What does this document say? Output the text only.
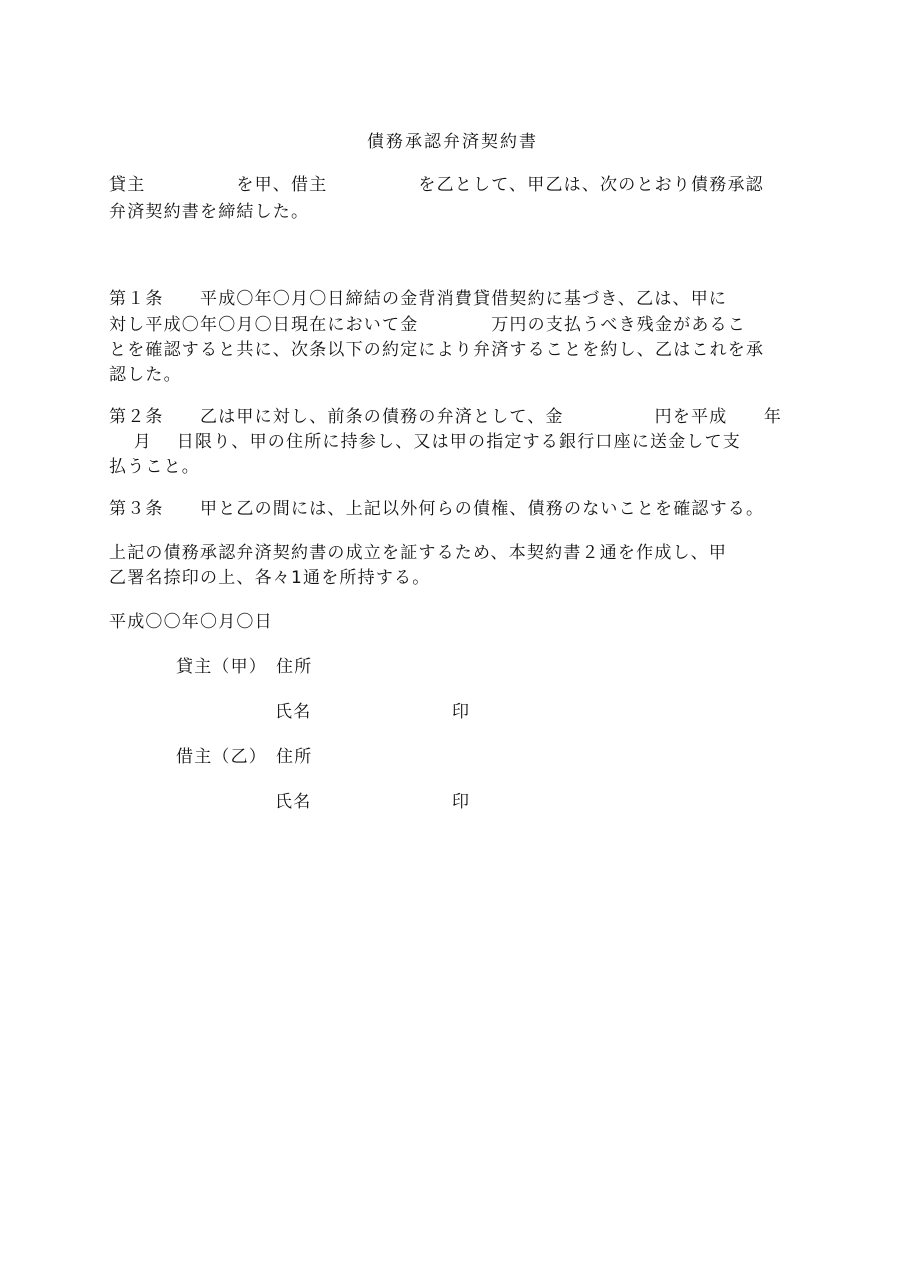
債務承認弁済契約書
貸主　　　　　を甲、借主　　　　　を乙として、甲乙は、次のとおり債務承認
弁済契約書を締結した。
第１条　　平成〇年〇月〇日締結の金背消費貸借契約に基づき、乙は、甲に
対し平成〇年〇月〇日現在において金　　　　万円の支払うべき残金があるこ
とを確認すると共に、次条以下の約定により弁済することを約し、乙はこれを承
認した。
第２条　　乙は甲に対し、前条の債務の弁済として、金　　　　　円を平成　　年
　 月　 日限り、甲の住所に持参し、又は甲の指定する銀行口座に送金して支
払うこと。
第３条　　甲と乙の間には、上記以外何らの債権、債務のないことを確認する。
上記の債務承認弁済契約書の成立を証するため、本契約書２通を作成し、甲
乙署名捺印の上、各々1通を所持する。
平成〇〇年〇月〇日
貸主（甲） 住所
氏名	印
借主（乙） 住所
氏名	印
